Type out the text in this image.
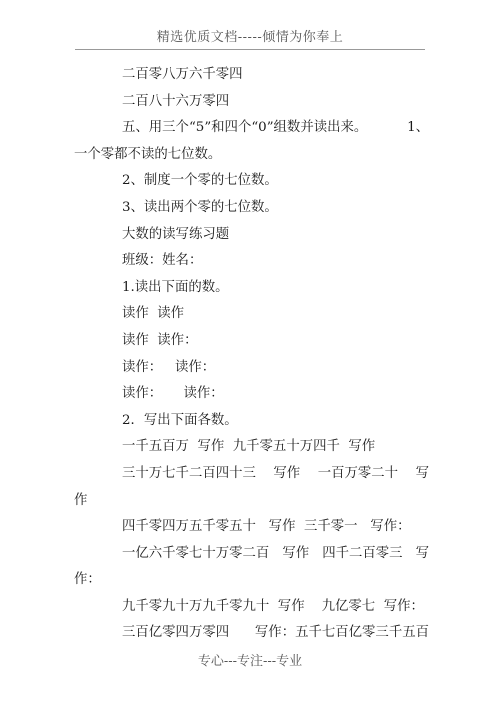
精选优质文档-----倾情为你奉上
二百零八万六千零四
二百八十六万零四
五、用三个“5”和四个“0”组数并读出来。	1、
一个零都不读的七位数。
2、制度一个零的七位数。
3、读出两个零的七位数。
大数的读写练习题
班级：姓名：
1.读出下面的数。
读作  读作
读作  读作：
读作：   读作：
读作：     读作：
2．写出下面各数。
一千五百万  写作  九千零五十万四千  写作
三十万七千二百四十三 写作 一百万零二十 写
作
四千零四万五千零五十   写作  三千零一   写作：
一亿六千零七十万零二百 写作 四千二百零三 写
作：
九千零九十万九千零九十  写作    九亿零七  写作：
三百亿零四万零四 写作：五千七百亿零三千五百
专心---专注---专业
